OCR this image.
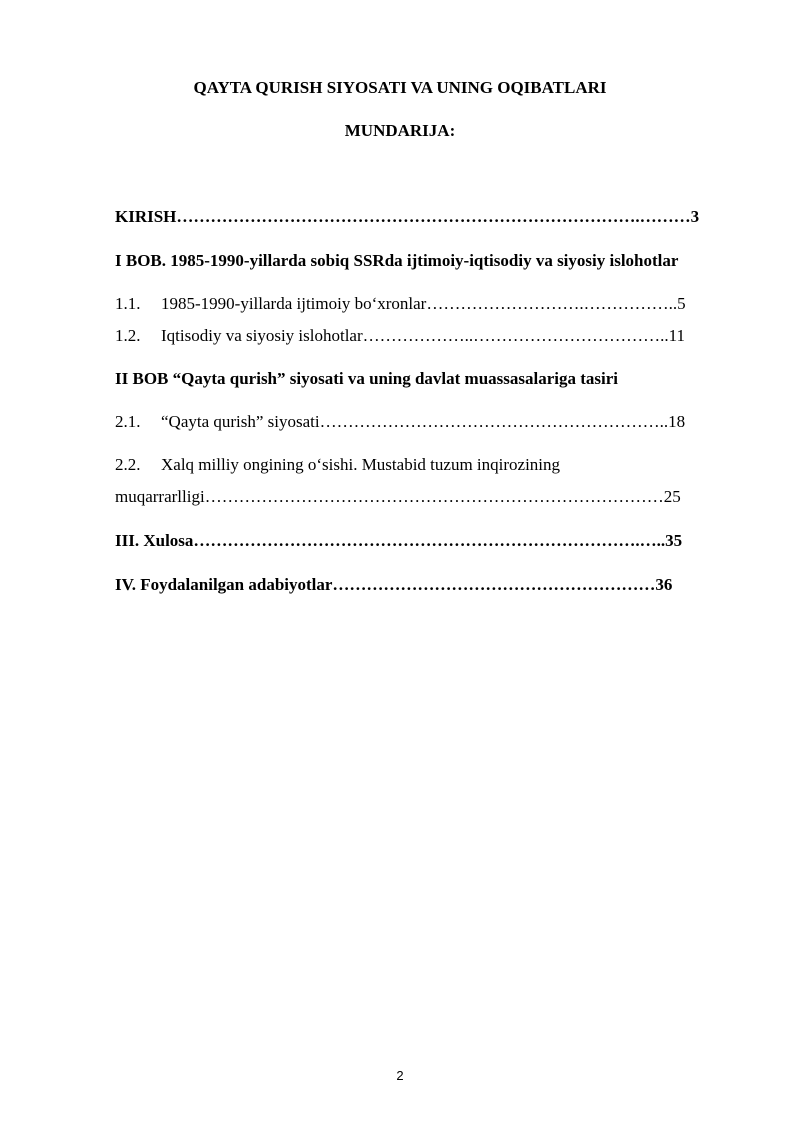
QAYTA QURISH SIYOSATI VA UNING OQIBATLARI
MUNDARIJA:
KIRISH……………………………………………………………………….………3
I BOB. 1985-1990-yillarda sobiq SSRda ijtimoiy-iqtisodiy va siyosiy islohotlar
1.1. 1985-1990-yillarda ijtimoiy bo‘xronlar……………………….……………..5
1.2. Iqtisodiy va siyosiy islohotlar………………..……………………………..11
II BOB “Qayta qurish” siyosati va uning davlat muassasalariga tasiri
2.1. “Qayta qurish” siyosati……………………………………………………..18
2.2. Xalq milliy ongining o‘sishi. Mustabid tuzum inqirozining
muqarrarlligi………………………………………………………………………25
III. Xulosa…………………………………………………………………….…..35
IV. Foydalanilgan adabiyotlar…………………………………………………36
2
